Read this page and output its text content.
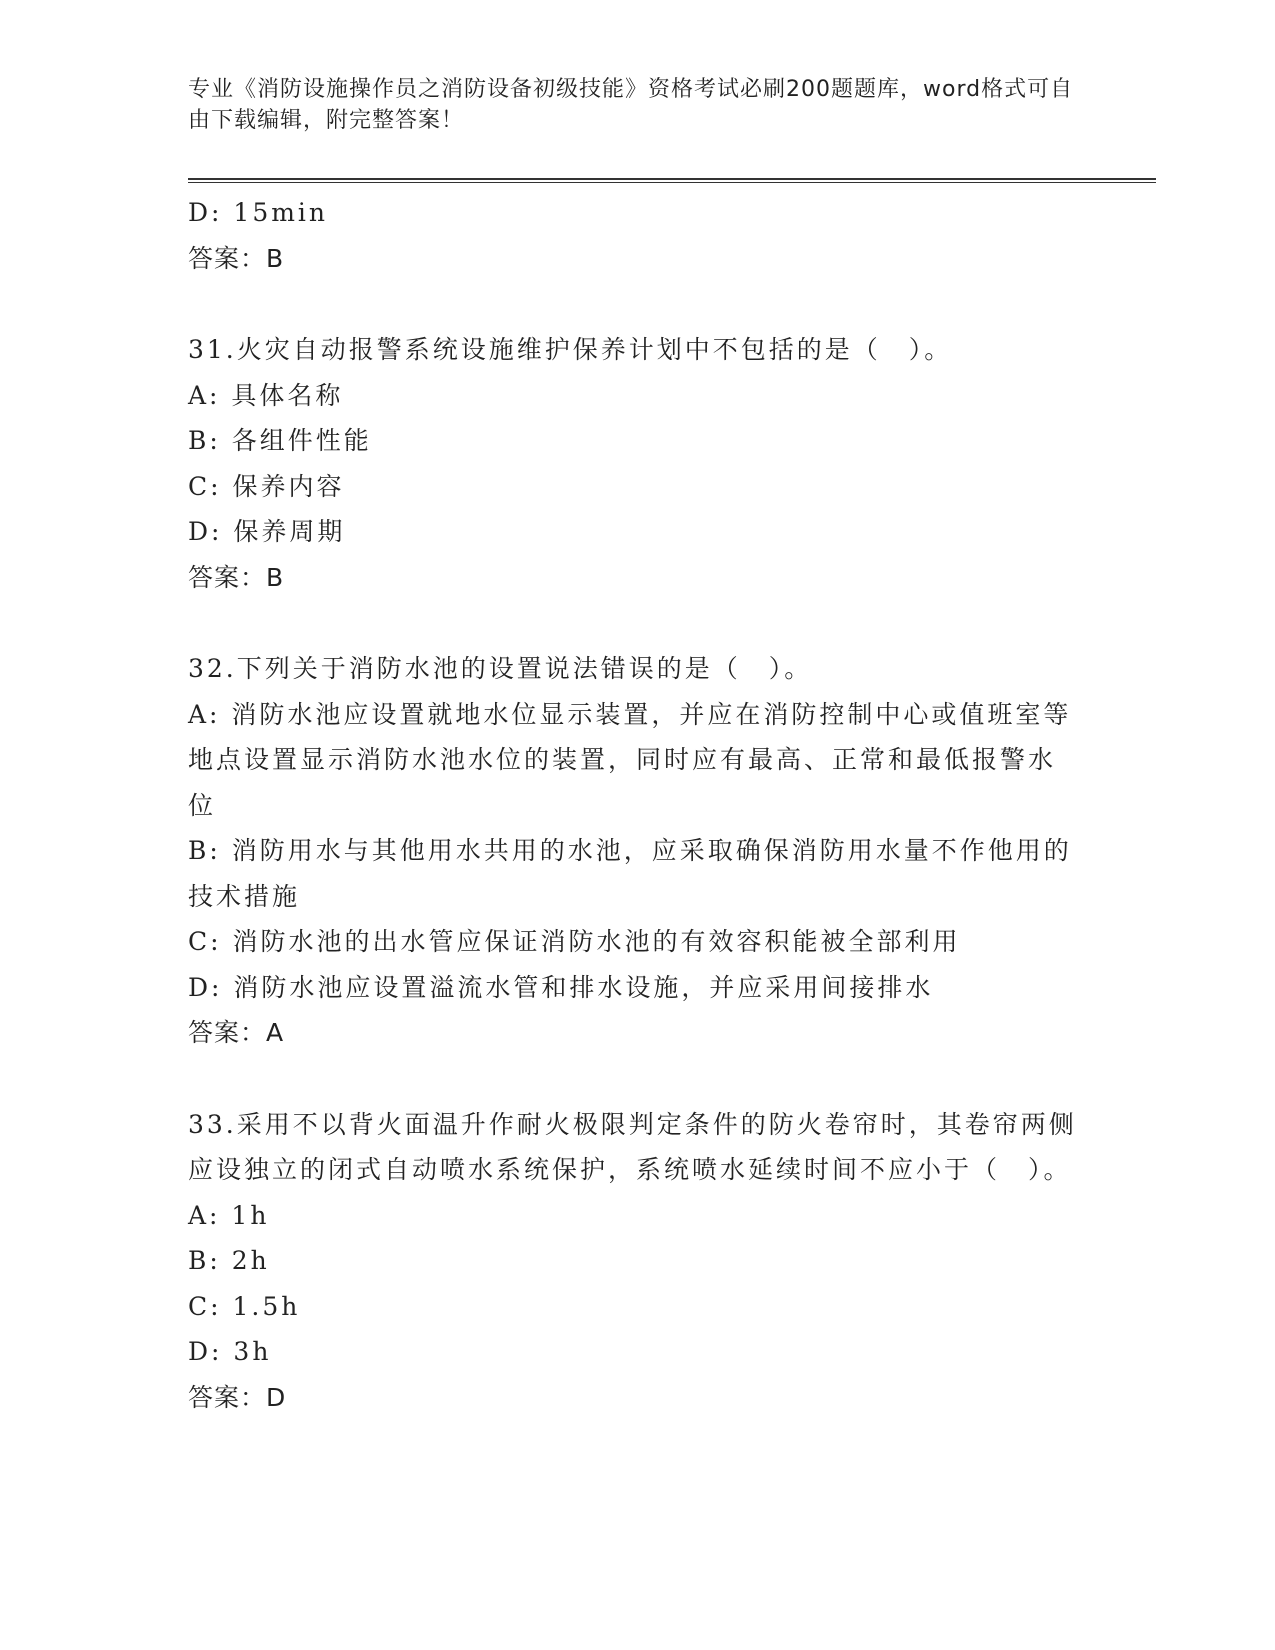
专业《消防设施操作员之消防设备初级技能》资格考试必刷200题题库，word格式可自由下载编辑，附完整答案！

D: 15min

答案：B

31.火灾自动报警系统设施维护保养计划中不包括的是（　）。

A: 具体名称

B: 各组件性能

C: 保养内容

D: 保养周期

答案：B

32.下列关于消防水池的设置说法错误的是（　）。

A: 消防水池应设置就地水位显示装置，并应在消防控制中心或值班室等地点设置显示消防水池水位的装置，同时应有最高、正常和最低报警水位

B: 消防用水与其他用水共用的水池，应采取确保消防用水量不作他用的技术措施

C: 消防水池的出水管应保证消防水池的有效容积能被全部利用

D: 消防水池应设置溢流水管和排水设施，并应采用间接排水

答案：A

33.采用不以背火面温升作耐火极限判定条件的防火卷帘时，其卷帘两侧应设独立的闭式自动喷水系统保护，系统喷水延续时间不应小于（　）。

A: 1h

B: 2h

C: 1.5h

D: 3h

答案：D
